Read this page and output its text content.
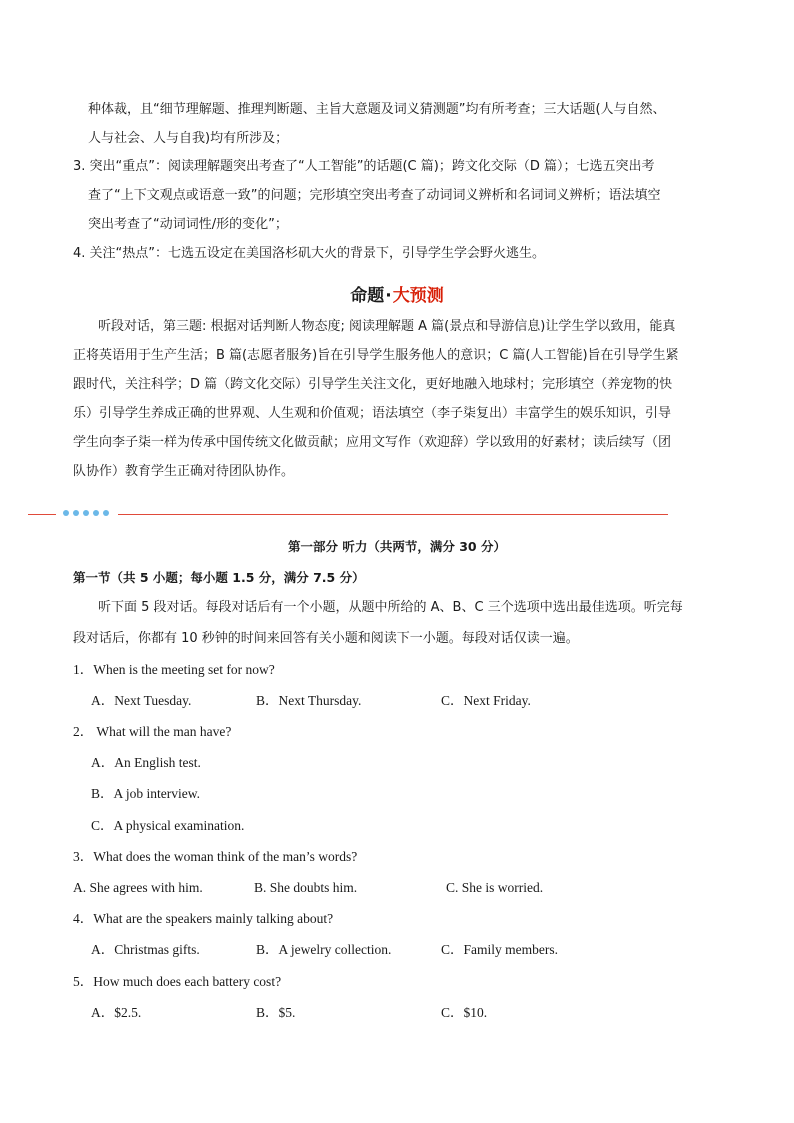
种体裁，且“细节理解题、推理判断题、主旨大意题及词义猜测题”均有所考查；三大话题(人与自然、
人与社会、人与自我)均有所涉及；
3. 突出“重点”：阅读理解题突出考查了“人工智能”的话题(C 篇)；跨文化交际（D 篇）；七选五突出考
查了“上下文观点或语意一致”的问题；完形填空突出考查了动词词义辨析和名词词义辨析；语法填空
突出考查了“动词词性/形的变化”；
4. 关注“热点”：七选五设定在美国洛杉矶大火的背景下，引导学生学会野火逃生。
命题·大预测
听段对话，第三题: 根据对话判断人物态度; 阅读理解题 A 篇(景点和导游信息)让学生学以致用，能真
正将英语用于生产生活；B 篇(志愿者服务)旨在引导学生服务他人的意识；C 篇(人工智能)旨在引导学生紧
跟时代，关注科学；D 篇（跨文化交际）引导学生关注文化，更好地融入地球村；完形填空（养宠物的快
乐）引导学生养成正确的世界观、人生观和价值观；语法填空（李子柒复出）丰富学生的娱乐知识，引导
学生向李子柒一样为传承中国传统文化做贡献；应用文写作（欢迎辞）学以致用的好素材；读后续写（团
队协作）教育学生正确对待团队协作。
第一部分 听力（共两节，满分 30 分）
第一节（共 5 小题；每小题 1.5 分，满分 7.5 分）
听下面 5 段对话。每段对话后有一个小题，从题中所给的 A、B、C 三个选项中选出最佳选项。听完每
段对话后，你都有 10 秒钟的时间来回答有关小题和阅读下一小题。每段对话仅读一遍。
1．When is the meeting set for now?
A．Next Tuesday.	B．Next Thursday.	C．Next Friday.
2． What will the man have?
A．An English test.
B．A job interview.
C．A physical examination.
3．What does the woman think of the man’s words?
A. She agrees with him.	B. She doubts him.	C. She is worried.
4．What are the speakers mainly talking about?
A．Christmas gifts.	B．A jewelry collection.	C．Family members.
5．How much does each battery cost?
A．$2.5.	B．$5.	C．$10.
